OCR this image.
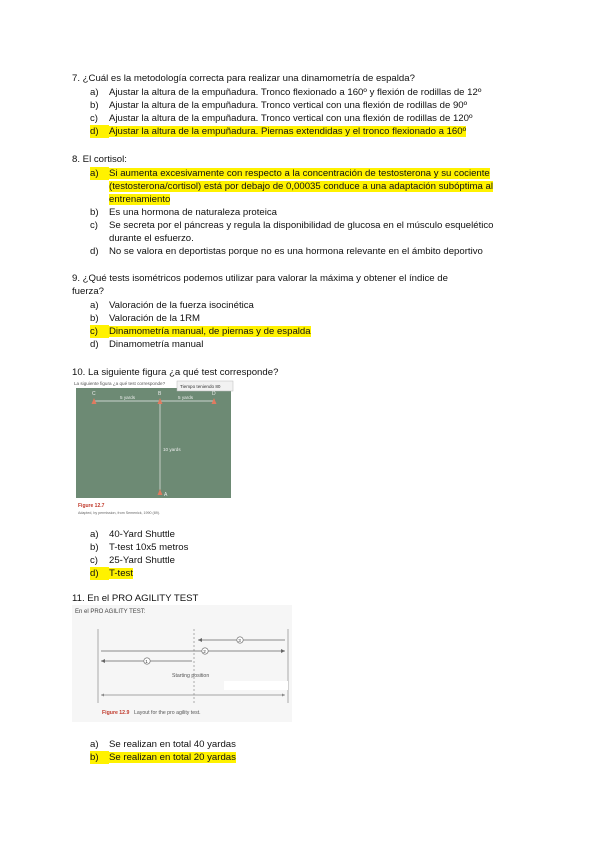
7. ¿Cuál es la metodología correcta para realizar una dinamometría de espalda?
a)	Ajustar la altura de la empuñadura. Tronco flexionado a 160º y flexión de rodillas de 12º
b)	Ajustar la altura de la empuñadura. Tronco vertical con una flexión de rodillas de 90º
c)	Ajustar la altura de la empuñadura. Tronco vertical con una flexión de rodillas de 120º
d)	Ajustar la altura de la empuñadura. Piernas extendidas y el tronco flexionado a 160º
8. El cortisol:
a)	Si aumenta excesivamente con respecto a la concentración de testosterona y su cociente
(testosterona/cortisol) está por debajo de 0,00035 conduce a una adaptación subóptima al
entrenamiento
b)	Es una hormona de naturaleza proteica
c)	Se secreta por el páncreas y regula la disponibilidad de glucosa en el músculo esquelético
durante el esfuerzo.
d)	No se valora en deportistas porque no es una hormona relevante en el ámbito deportivo
9. ¿Qué tests isométricos podemos utilizar para valorar la máxima y obtener el índice de
fuerza?
a)	Valoración de la fuerza isocinética
b)	Valoración de la 1RM
c)	Dinamometría manual, de piernas y de espalda
d)	Dinamometría manual
10. La siguiente figura ¿a qué test corresponde?
La siguiente figura ¿a qué test corresponde?
Tiempo teniendo 80
C	B	D
A
5 yards	5 yards
10 yards
Figure 12.7
Adapted, by permission, from Semenick, 1990 (89).
a)	40-Yard Shuttle
b)	T-test 10x5 metros
c)	25-Yard Shuttle
d)	T-test
11. En el PRO AGILITY TEST
En el PRO AGILITY TEST:
3
2
1
Starting position
Figure 12.9 Layout for the pro agility test.
a)	Se realizan en total 40 yardas
b)	Se realizan en total 20 yardas
